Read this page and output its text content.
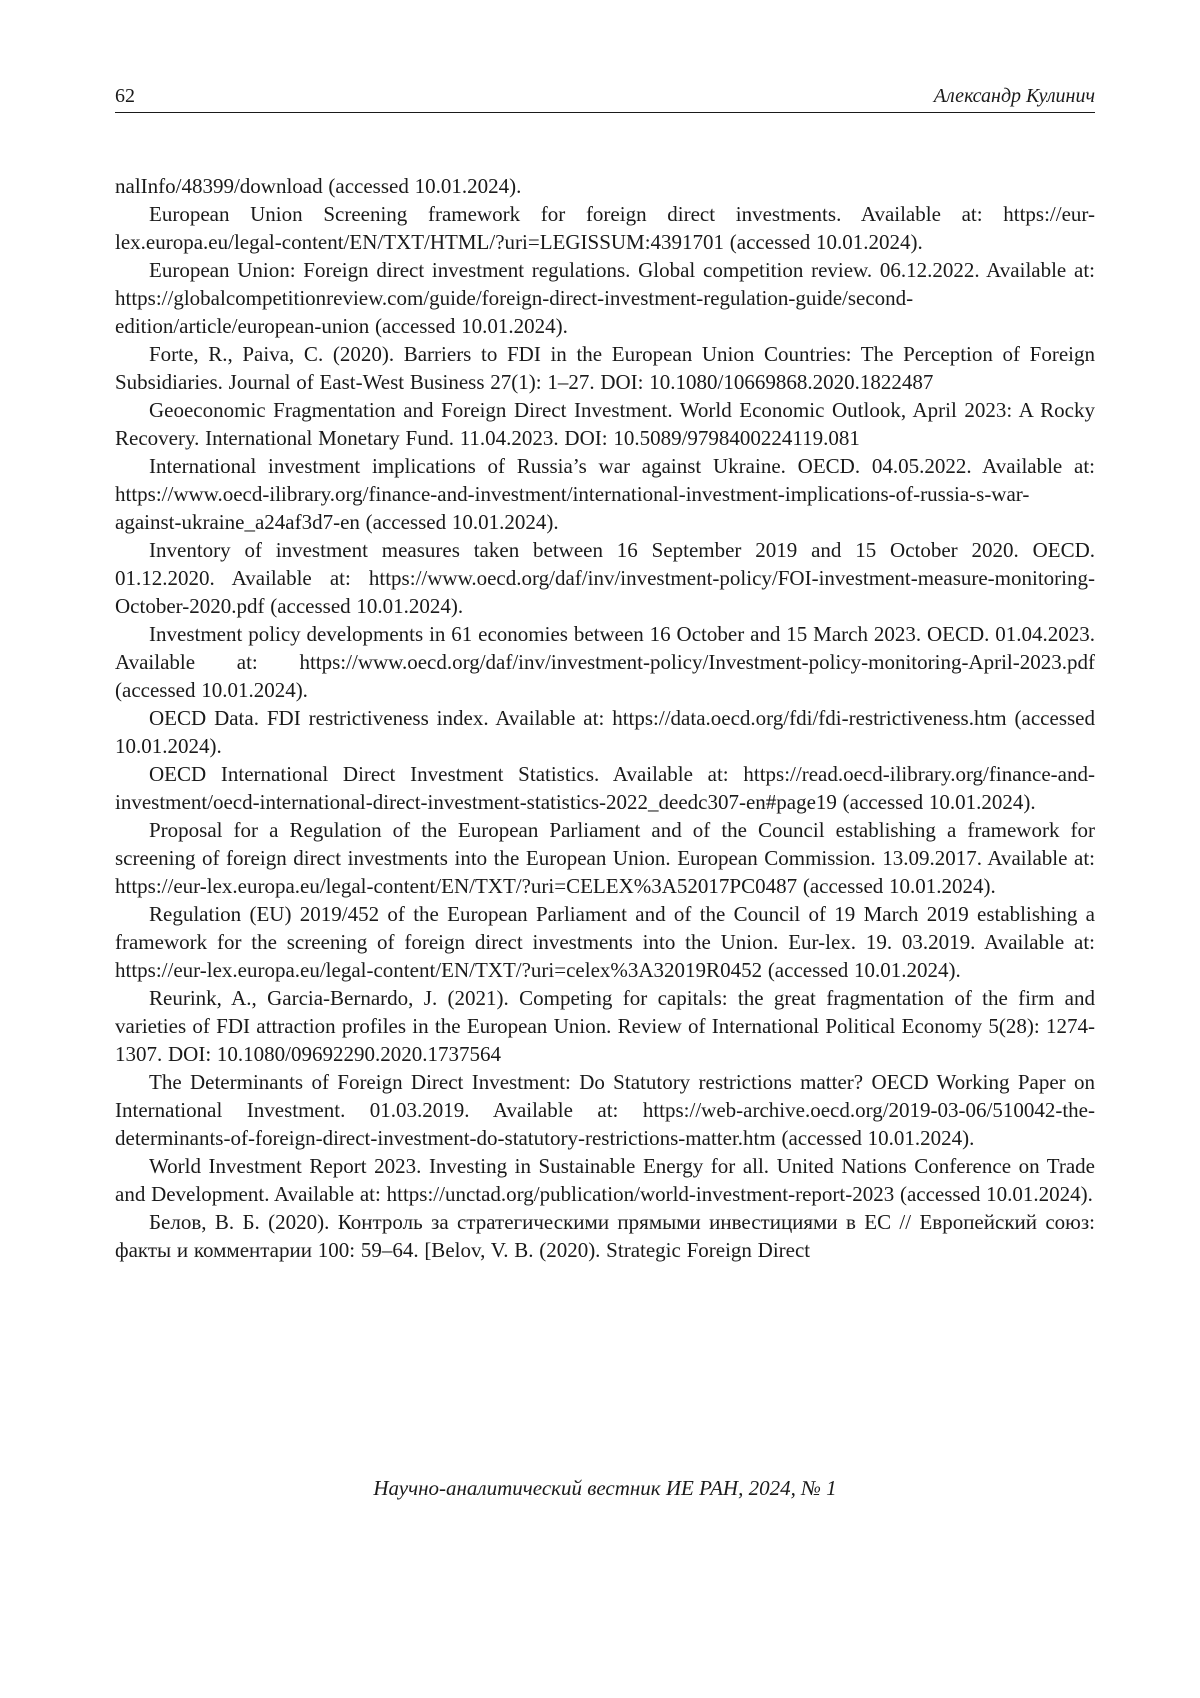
62	Александр Кулинич

nalInfo/48399/download (accessed 10.01.2024).

European Union Screening framework for foreign direct investments. Available at: https://eur-lex.europa.eu/legal-content/EN/TXT/HTML/?uri=LEGISSUM:4391701 (accessed 10.01.2024).

European Union: Foreign direct investment regulations. Global competition review. 06.12.2022. Available at: https://globalcompetitionreview.com/guide/foreign-direct-investment-regulation-guide/second-edition/article/european-union (accessed 10.01.2024).

Forte, R., Paiva, C. (2020). Barriers to FDI in the European Union Countries: The Perception of Foreign Subsidiaries. Journal of East-West Business 27(1): 1–27. DOI: 10.1080/10669868.2020.1822487

Geoeconomic Fragmentation and Foreign Direct Investment. World Economic Outlook, April 2023: A Rocky Recovery. International Monetary Fund. 11.04.2023. DOI: 10.5089/9798400224119.081

International investment implications of Russia’s war against Ukraine. OECD. 04.05.2022. Available at: https://www.oecd-ilibrary.org/finance-and-investment/international-investment-implications-of-russia-s-war-against-ukraine_a24af3d7-en (accessed 10.01.2024).

Inventory of investment measures taken between 16 September 2019 and 15 October 2020. OECD. 01.12.2020. Available at: https://www.oecd.org/daf/inv/investment-policy/FOI-investment-measure-monitoring-October-2020.pdf (accessed 10.01.2024).

Investment policy developments in 61 economies between 16 October and 15 March 2023. OECD. 01.04.2023. Available at: https://www.oecd.org/daf/inv/investment-policy/Investment-policy-monitoring-April-2023.pdf (accessed 10.01.2024).

OECD Data. FDI restrictiveness index. Available at: https://data.oecd.org/fdi/fdi-restrictiveness.htm (accessed 10.01.2024).

OECD International Direct Investment Statistics. Available at: https://read.oecd-ilibrary.org/finance-and-investment/oecd-international-direct-investment-statistics-2022_deedc307-en#page19 (accessed 10.01.2024).

Proposal for a Regulation of the European Parliament and of the Council establishing a framework for screening of foreign direct investments into the European Union. European Commission. 13.09.2017. Available at: https://eur-lex.europa.eu/legal-content/EN/TXT/?uri=CELEX%3A52017PC0487 (accessed 10.01.2024).

Regulation (EU) 2019/452 of the European Parliament and of the Council of 19 March 2019 establishing a framework for the screening of foreign direct investments into the Union. Eur-lex. 19. 03.2019. Available at: https://eur-lex.europa.eu/legal-content/EN/TXT/?uri=celex%3A32019R0452 (accessed 10.01.2024).

Reurink, A., Garcia-Bernardo, J. (2021). Competing for capitals: the great fragmentation of the firm and varieties of FDI attraction profiles in the European Union. Review of International Political Economy 5(28): 1274-1307. DOI: 10.1080/09692290.2020.1737564

The Determinants of Foreign Direct Investment: Do Statutory restrictions matter? OECD Working Paper on International Investment. 01.03.2019. Available at: https://web-archive.oecd.org/2019-03-06/510042-the-determinants-of-foreign-direct-investment-do-statutory-restrictions-matter.htm (accessed 10.01.2024).

World Investment Report 2023. Investing in Sustainable Energy for all. United Nations Conference on Trade and Development. Available at: https://unctad.org/publication/world-investment-report-2023 (accessed 10.01.2024).

Белов, В. Б. (2020). Контроль за стратегическими прямыми инвестициями в ЕС // Европейский союз: факты и комментарии 100: 59–64. [Belov, V. B. (2020). Strategic Foreign Direct

Научно-аналитический вестник ИЕ РАН, 2024, № 1
